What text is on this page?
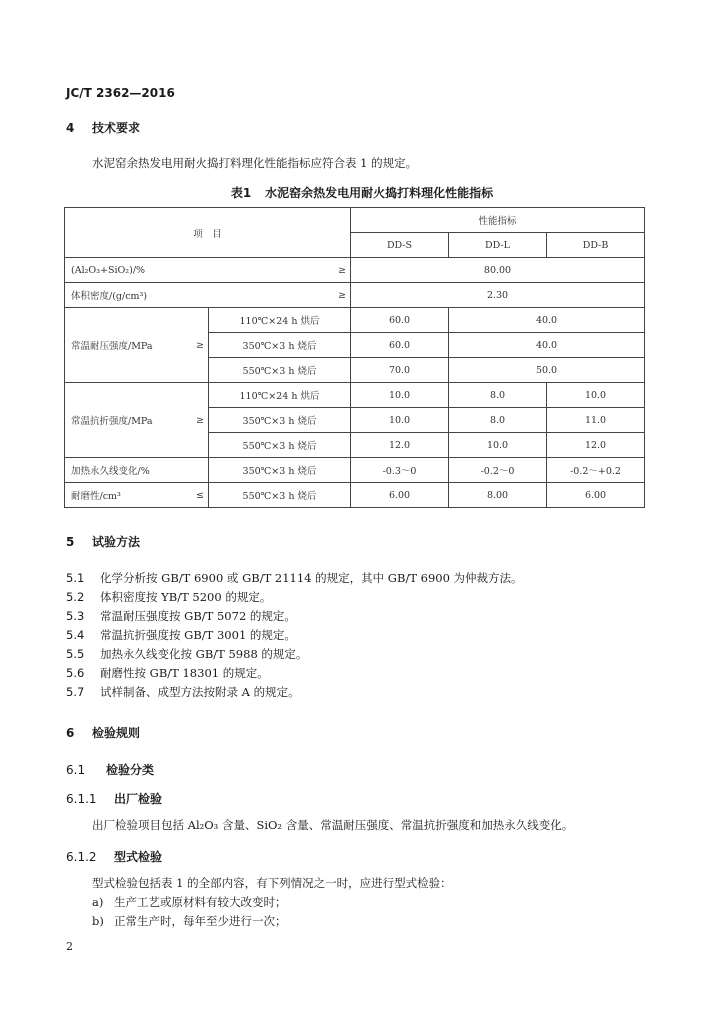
JC/T 2362—2016
4 技术要求
水泥窑余热发电用耐火捣打料理化性能指标应符合表 1 的规定。
表1 水泥窑余热发电用耐火捣打料理化性能指标
项　目		性能指标		
		DD-S	DD-L	DD-B

(Al₂O₃+SiO₂)/% ≥		80.00		

体积密度/(g/cm³) ≥		2.30		

常温耐压强度/MPa ≥	110℃×24 h 烘后	60.0	40.0	
	350℃×3 h 烧后	60.0	40.0	
	550℃×3 h 烧后	70.0	50.0	

常温抗折强度/MPa ≥	110℃×24 h 烘后	10.0	8.0	10.0
	350℃×3 h 烧后	10.0	8.0	11.0
	550℃×3 h 烧后	12.0	10.0	12.0
加热永久线变化/%	350℃×3 h 烧后	-0.3～0	-0.2～0	-0.2～+0.2

耐磨性/cm³ ≤	550℃×3 h 烧后	6.00	8.00	6.00
5 试验方法
5.1 化学分析按 GB/T 6900 或 GB/T 21114 的规定，其中 GB/T 6900 为仲裁方法。
5.2 体积密度按 YB/T 5200 的规定。
5.3 常温耐压强度按 GB/T 5072 的规定。
5.4 常温抗折强度按 GB/T 3001 的规定。
5.5 加热永久线变化按 GB/T 5988 的规定。
5.6 耐磨性按 GB/T 18301 的规定。
5.7 试样制备、成型方法按附录 A 的规定。
6 检验规则
6.1 检验分类
6.1.1 出厂检验
出厂检验项目包括 Al₂O₃ 含量、SiO₂ 含量、常温耐压强度、常温抗折强度和加热永久线变化。
6.1.2 型式检验
型式检验包括表 1 的全部内容，有下列情况之一时，应进行型式检验：
a) 生产工艺或原材料有较大改变时；
b) 正常生产时，每年至少进行一次；
2
